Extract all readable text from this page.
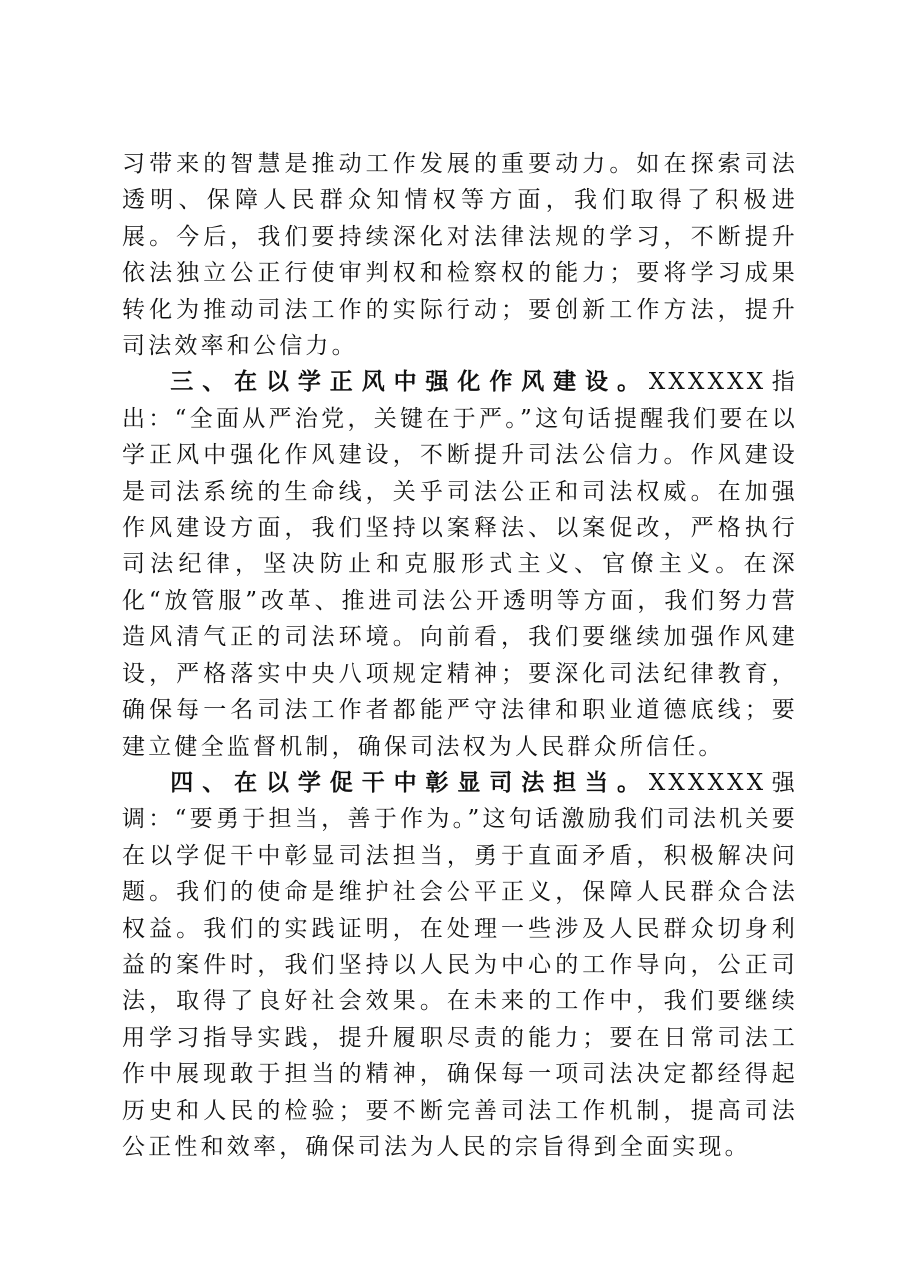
习带来的智慧是推动工作发展的重要动力。如在探索司法透明、保障人民群众知情权等方面，我们取得了积极进展。今后，我们要持续深化对法律法规的学习，不断提升依法独立公正行使审判权和检察权的能力；要将学习成果转化为推动司法工作的实际行动；要创新工作方法，提升司法效率和公信力。

三、在以学正风中强化作风建设。XXXXXX指出：“全面从严治党，关键在于严。”这句话提醒我们要在以学正风中强化作风建设，不断提升司法公信力。作风建设是司法系统的生命线，关乎司法公正和司法权威。在加强作风建设方面，我们坚持以案释法、以案促改，严格执行司法纪律，坚决防止和克服形式主义、官僚主义。在深化“放管服”改革、推进司法公开透明等方面，我们努力营造风清气正的司法环境。向前看，我们要继续加强作风建设，严格落实中央八项规定精神；要深化司法纪律教育，确保每一名司法工作者都能严守法律和职业道德底线；要建立健全监督机制，确保司法权为人民群众所信任。

四、在以学促干中彰显司法担当。XXXXXX强调：“要勇于担当，善于作为。”这句话激励我们司法机关要在以学促干中彰显司法担当，勇于直面矛盾，积极解决问题。我们的使命是维护社会公平正义，保障人民群众合法权益。我们的实践证明，在处理一些涉及人民群众切身利益的案件时，我们坚持以人民为中心的工作导向，公正司法，取得了良好社会效果。在未来的工作中，我们要继续用学习指导实践，提升履职尽责的能力；要在日常司法工作中展现敢于担当的精神，确保每一项司法决定都经得起历史和人民的检验；要不断完善司法工作机制，提高司法公正性和效率，确保司法为人民的宗旨得到全面实现。
